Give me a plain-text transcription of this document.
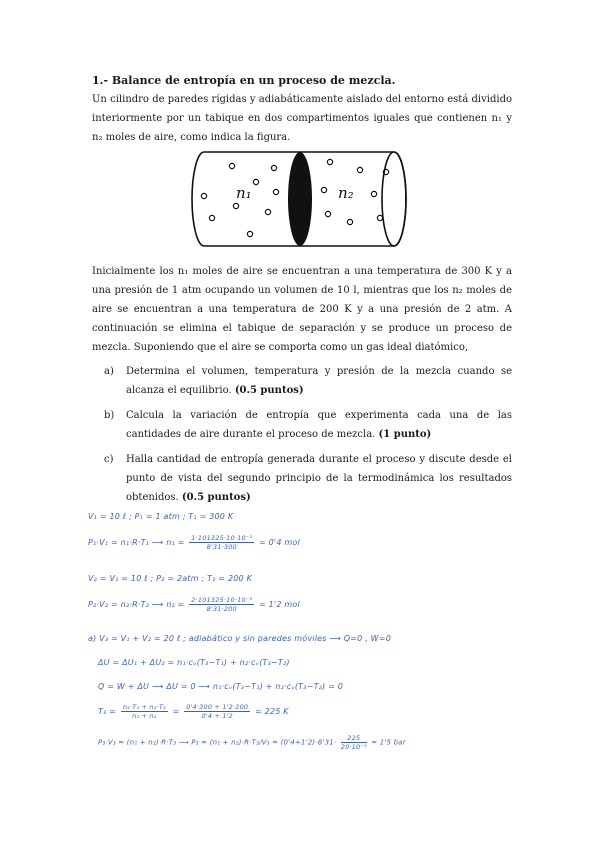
1.- Balance de entropía en un proceso de mezcla.
Un cilindro de paredes rígidas y adiabáticamente aislado del entorno está dividido interiormente por un tabique en dos compartimentos iguales que contienen n₁ y n₂ moles de aire, como indica la figura.
n₁	n₂
Inicialmente los n₁ moles de aire se encuentran a una temperatura de 300 K y a una presión de 1 atm ocupando un volumen de 10 l, mientras que los n₂ moles de aire se encuentran a una temperatura de 200 K y a una presión de 2 atm. A continuación se elimina el tabique de separación y se produce un proceso de mezcla. Suponiendo que el aire se comporta como un gas ideal diatómico,
a)	Determina el volumen, temperatura y presión de la mezcla cuando se alcanza el equilibrio. (0.5 puntos)
b)	Calcula la variación de entropía que experimenta cada una de las cantidades de aire durante el proceso de mezcla. (1 punto)
c)	Halla cantidad de entropía generada durante el proceso y discute desde el punto de vista del segundo principio de la termodinámica los resultados obtenidos. (0.5 puntos)
V₁ = 10 ℓ ; P₁ = 1 atm ; T₁ = 300 K
P₁·V₁ = n₁·R·T₁ ⟶ $n_1 = \frac{\text{1·101325·10·10⁻³}}{8'31\cdot 300} = 0'4$ mol
V₂ = V₁ = 10 ℓ ; P₂ = 2atm ; T₂ = 200 K
P₂·V₂ = n₂·R·T₂ ⟶ $n_2 = \frac{\text{2·101325·10·10⁻³}}{8'31\cdot 200} = 1'2$ mol
a) V₃ = V₁ + V₂ = 20 ℓ ; adiabático y sin paredes móviles ⟶ Q=0 , W=0
ΔU = ΔU₁ + ΔU₂ = n₁·cᵥ(T₃−T₁) + n₂·cᵥ(T₃−T₂)
Q = W + ΔU ⟶ ΔU = 0 ⟶ n₁·cᵥ(T₃−T₁) + n₂·cᵥ(T₃−T₂) = 0
$T_3 = \frac{\text{n₁·T₁ + n₂·T₂}}{\text{n₁ + n₂}} = \frac{0'4\cdot 300 + 1'2\cdot 200}{0'4 + 1'2} = 225$ K
P₃·V₃ = (n₁ + n₂)·R·T₃ ⟶ $P_3 = (n_1 + n_2)\cdot R\cdot T_3/V_3 = (0'4+1'2)\cdot 8'31\cdot \frac{225}{\text{20·10⁻³}} = 1'5$ bar
